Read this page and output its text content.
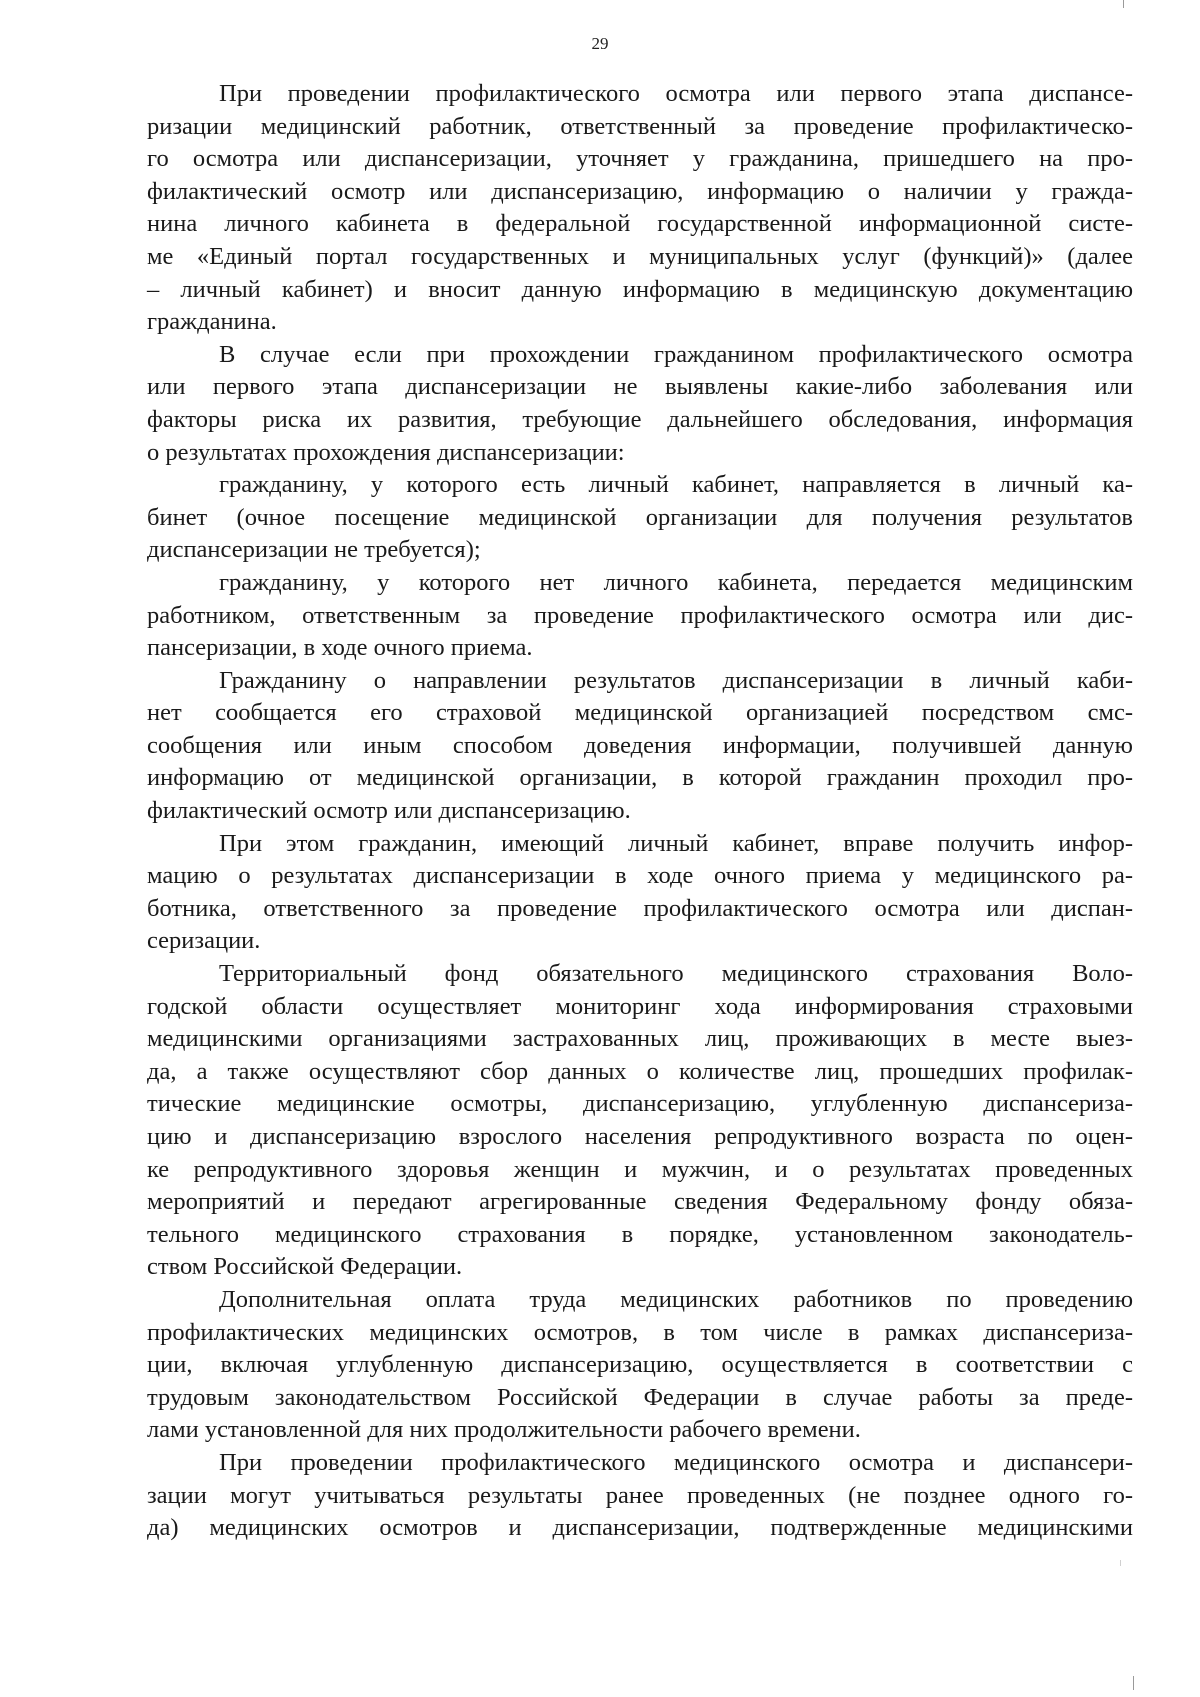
29
При проведении профилактического осмотра или первого этапа диспансе-
ризации медицинский работник, ответственный за проведение профилактическо-
го осмотра или диспансеризации, уточняет у гражданина, пришедшего на про-
филактический осмотр или диспансеризацию, информацию о наличии у гражда-
нина личного кабинета в федеральной государственной информационной систе-
ме «Единый портал государственных и муниципальных услуг (функций)» (далее
– личный кабинет) и вносит данную информацию в медицинскую документацию
гражданина.
В случае если при прохождении гражданином профилактического осмотра
или первого этапа диспансеризации не выявлены какие-либо заболевания или
факторы риска их развития, требующие дальнейшего обследования, информация
о результатах прохождения диспансеризации:
гражданину, у которого есть личный кабинет, направляется в личный ка-
бинет (очное посещение медицинской организации для получения результатов
диспансеризации не требуется);
гражданину, у которого нет личного кабинета, передается медицинским
работником, ответственным за проведение профилактического осмотра или дис-
пансеризации, в ходе очного приема.
Гражданину о направлении результатов диспансеризации в личный каби-
нет сообщается его страховой медицинской организацией посредством смс-
сообщения или иным способом доведения информации, получившей данную
информацию от медицинской организации, в которой гражданин проходил про-
филактический осмотр или диспансеризацию.
При этом гражданин, имеющий личный кабинет, вправе получить инфор-
мацию о результатах диспансеризации в ходе очного приема у медицинского ра-
ботника, ответственного за проведение профилактического осмотра или диспан-
серизации.
Территориальный фонд обязательного медицинского страхования Воло-
годской области осуществляет мониторинг хода информирования страховыми
медицинскими организациями застрахованных лиц, проживающих в месте выез-
да, а также осуществляют сбор данных о количестве лиц, прошедших профилак-
тические медицинские осмотры, диспансеризацию, углубленную диспансериза-
цию и диспансеризацию взрослого населения репродуктивного возраста по оцен-
ке репродуктивного здоровья женщин и мужчин, и о результатах проведенных
мероприятий и передают агрегированные сведения Федеральному фонду обяза-
тельного медицинского страхования в порядке, установленном законодатель-
ством Российской Федерации.
Дополнительная оплата труда медицинских работников по проведению
профилактических медицинских осмотров, в том числе в рамках диспансериза-
ции, включая углубленную диспансеризацию, осуществляется в соответствии с
трудовым законодательством Российской Федерации в случае работы за преде-
лами установленной для них продолжительности рабочего времени.
При проведении профилактического медицинского осмотра и диспансери-
зации могут учитываться результаты ранее проведенных (не позднее одного го-
да) медицинских осмотров и диспансеризации, подтвержденные медицинскими
